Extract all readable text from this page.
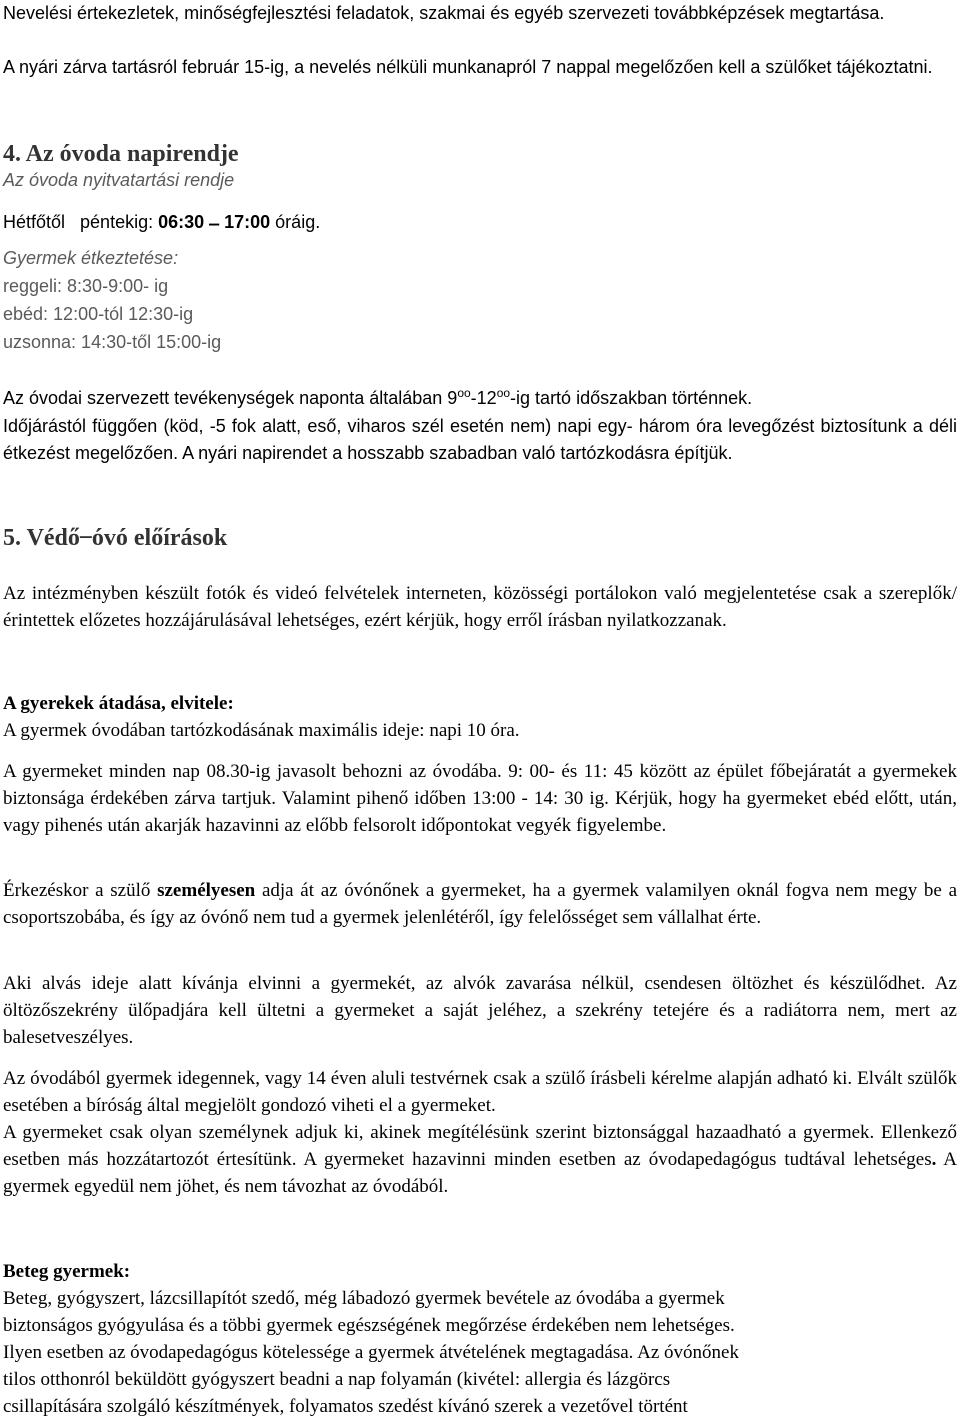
Nevelési értekezletek, minőségfejlesztési feladatok, szakmai és egyéb szervezeti továbbképzések megtartása.

A nyári zárva tartásról február 15-ig, a nevelés nélküli munkanapról 7 nappal megelőzően kell a szülőket tájékoztatni.

4. Az óvoda napirendje

Az óvoda nyitvatartási rendje

Hétfőtől   péntekig: 06:30  ̶  17:00 óráig.

Gyermek étkeztetése:

reggeli: 8:30-9:00- ig

ebéd: 12:00-tól 12:30-ig

uzsonna: 14:30-től 15:00-ig

Az óvodai szervezett tevékenységek naponta általában $9^{oo}-12^{oo}-ig$ tartó időszakban történnek.

Időjárástól függően (köd, -5 fok alatt, eső, viharos szél esetén nem) napi egy- három óra levegőzést biztosítunk a déli étkezést megelőzően. A nyári napirendet a hosszabb szabadban való tartózkodásra építjük.

5. Védő ̶ óvó előírások

Az intézményben készült fotók és videó felvételek interneten, közösségi portálokon való megjelentetése csak a szereplők/érintettek előzetes hozzájárulásával lehetséges, ezért kérjük, hogy erről írásban nyilatkozzanak.

A gyerekek átadása, elvitele:

A gyermek óvodában tartózkodásának maximális ideje: napi 10 óra.

A gyermeket minden nap 08.30-ig javasolt behozni az óvodába. 9: 00- és 11: 45 között az épület főbejáratát a gyermekek biztonsága érdekében zárva tartjuk. Valamint pihenő időben 13:00 - 14: 30 ig. Kérjük, hogy ha gyermeket ebéd előtt, után, vagy pihenés után akarják hazavinni az előbb felsorolt időpontokat vegyék figyelembe.

Érkezéskor a szülő személyesen adja át az óvónőnek a gyermeket, ha a gyermek valamilyen oknál fogva nem megy be a csoportszobába, és így az óvónő nem tud a gyermek jelenlétéről, így felelősséget sem vállalhat érte.

Aki alvás ideje alatt kívánja elvinni a gyermekét, az alvók zavarása nélkül, csendesen öltözhet és készülődhet. Az öltözőszekrény ülőpadjára kell ültetni a gyermeket a saját jeléhez, a szekrény tetejére és a radiátorra nem, mert az balesetveszélyes.

Az óvodából gyermek idegennek, vagy 14 éven aluli testvérnek csak a szülő írásbeli kérelme alapján adható ki. Elvált szülők esetében a bíróság által megjelölt gondozó viheti el a gyermeket.

A gyermeket csak olyan személynek adjuk ki, akinek megítélésünk szerint biztonsággal hazaadható a gyermek. Ellenkező esetben más hozzátartozót értesítünk. A gyermeket hazavinni minden esetben az óvodapedagógus tudtával lehetséges. A gyermek egyedül nem jöhet, és nem távozhat az óvodából.

Beteg gyermek:

Beteg, gyógyszert, lázcsillapítót szedő, még lábadozó gyermek bevétele az óvodába a gyermek

biztonságos gyógyulása és a többi gyermek egészségének megőrzése érdekében nem lehetséges.

Ilyen esetben az óvodapedagógus kötelessége a gyermek átvételének megtagadása. Az óvónőnek

tilos otthonról beküldött gyógyszert beadni a nap folyamán (kivétel: allergia és lázgörcs

csillapítására szolgáló készítmények, folyamatos szedést kívánó szerek a vezetővel történt
